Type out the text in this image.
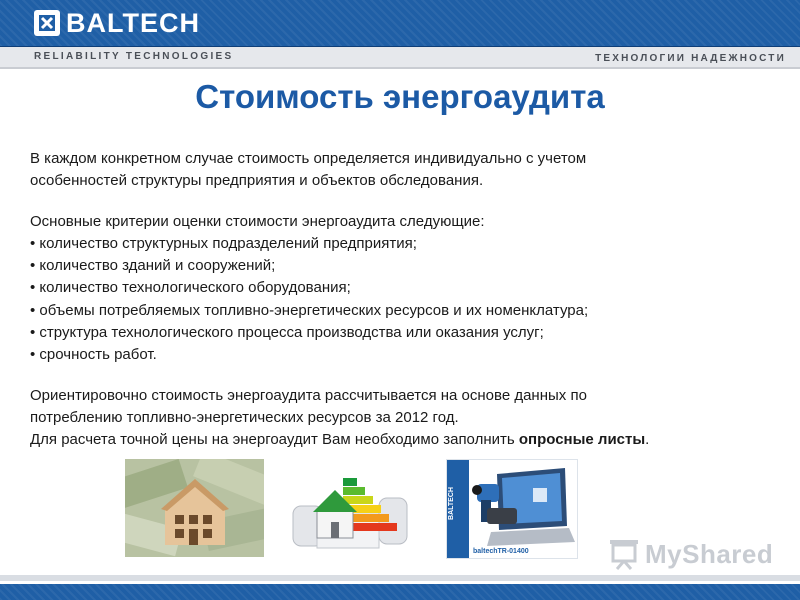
BALTECH
RELIABILITY TECHNOLOGIES	ТЕХНОЛОГИИ НАДЕЖНОСТИ
Стоимость энергоаудита

В каждом конкретном случае стоимость определяется индивидуально с учетом

особенностей структуры предприятия и объектов обследования.

Основные критерии оценки стоимости энергоаудита следующие:

• количество структурных подразделений предприятия;

• количество зданий и сооружений;

• количество технологического оборудования;

• объемы потребляемых топливно-энергетических ресурсов и их номенклатура;

• структура технологического процесса производства или оказания услуг;

• срочность работ.

Ориентировочно стоимость энергоаудита рассчитывается на основе данных по

потреблению топливно-энергетических ресурсов за 2012 год.

Для расчета точной цены на энергоаудит Вам необходимо заполнить опросные листы.

baltechTR-01400
BALTECH
MyShared
